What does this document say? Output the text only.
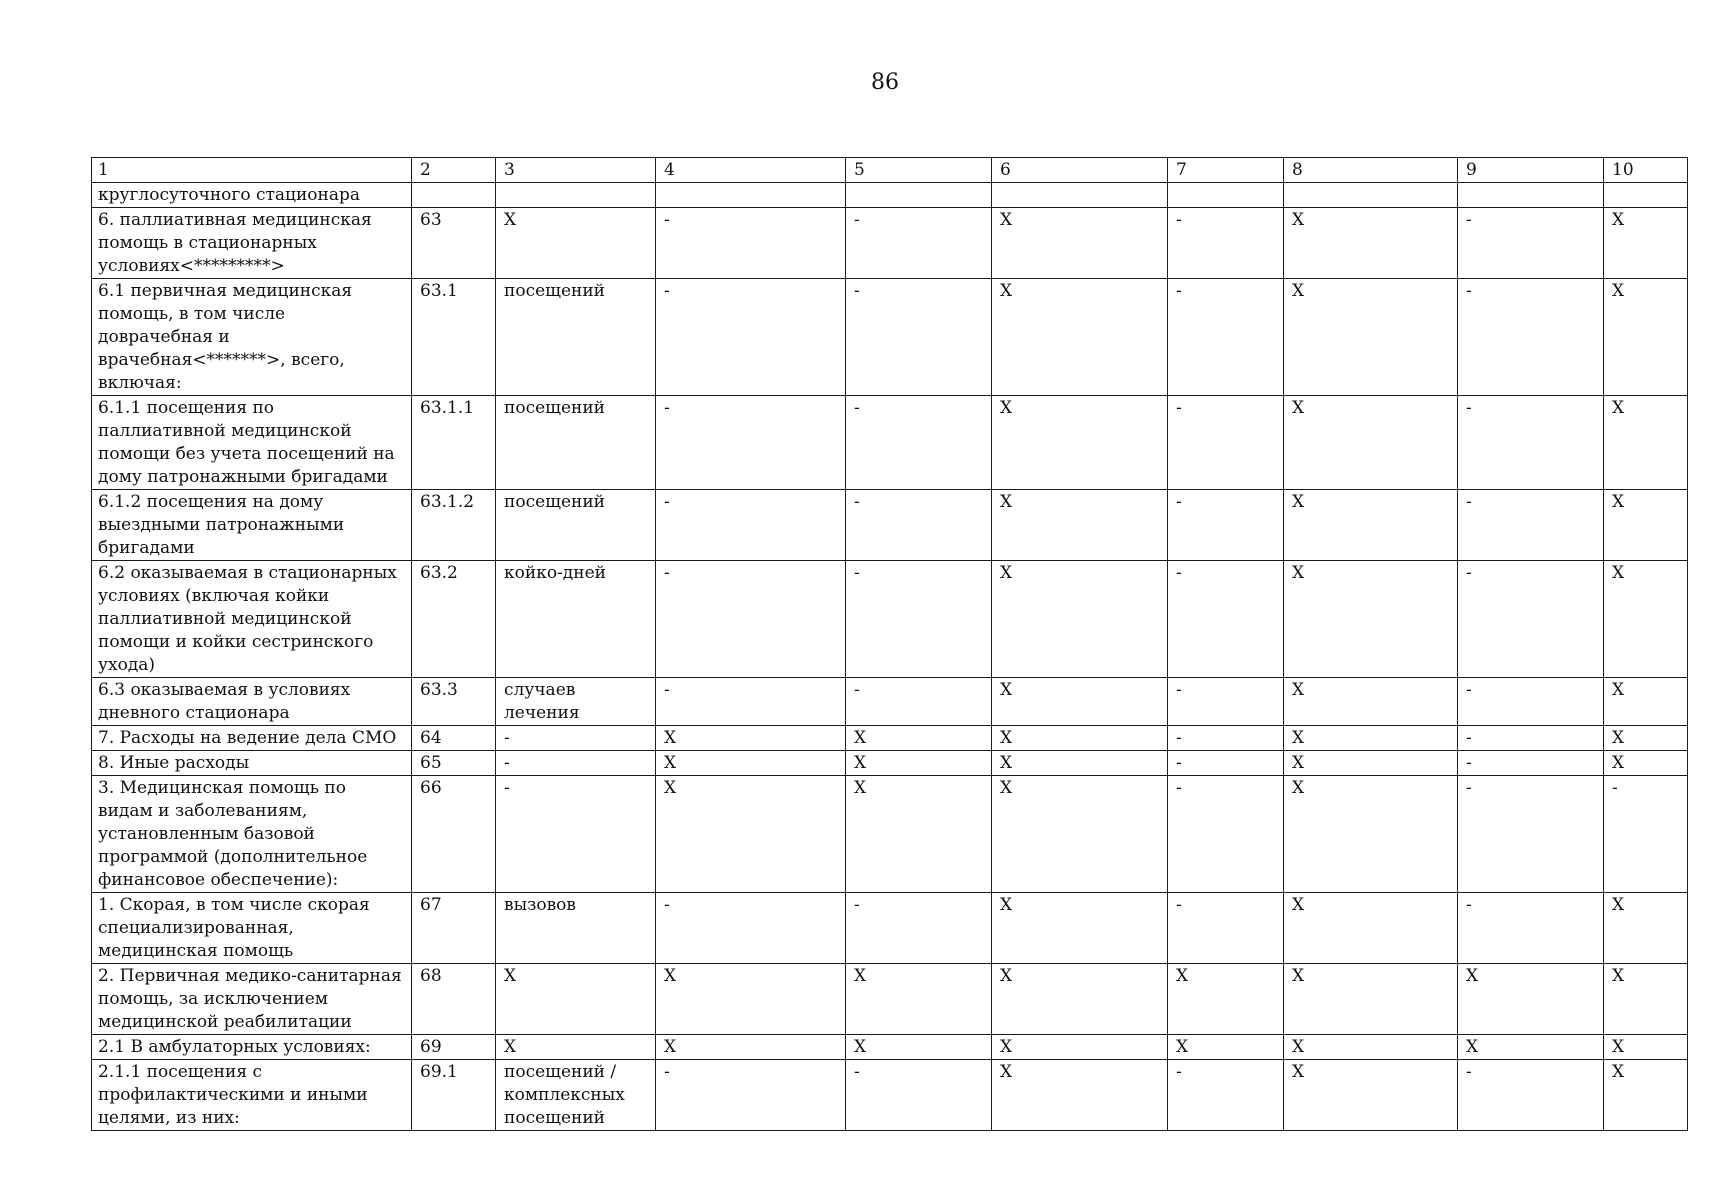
86
1	2	3	4	5	6	7	8	9	10
круглосуточного стационара									
6. паллиативная медицинская помощь в стационарных условиях<*********>	63	X	-	-	X	-	X	-	X
6.1 первичная медицинская помощь, в том числе доврачебная и врачебная<*******>, всего, включая:	63.1	посещений	-	-	X	-	X	-	X
6.1.1 посещения по паллиативной медицинской помощи без учета посещений на дому патронажными бригадами	63.1.1	посещений	-	-	X	-	X	-	X
6.1.2 посещения на дому выездными патронажными бригадами	63.1.2	посещений	-	-	X	-	X	-	X
6.2 оказываемая в стационарных условиях (включая койки паллиативной медицинской помощи и койки сестринского ухода)	63.2	койко-дней	-	-	X	-	X	-	X
6.3 оказываемая в условиях дневного стационара	63.3	случаев лечения	-	-	X	-	X	-	X
7. Расходы на ведение дела СМО	64	-	X	X	X	-	X	-	X
8. Иные расходы	65	-	X	X	X	-	X	-	X
3. Медицинская помощь по видам и заболеваниям, установленным базовой программой (дополнительное финансовое обеспечение):	66	-	X	X	X	-	X	-	-
1. Скорая, в том числе скорая специализированная, медицинская помощь	67	вызовов	-	-	X	-	X	-	X
2. Первичная медико-санитарная помощь, за исключением медицинской реабилитации	68	X	X	X	X	X	X	X	X
2.1 В амбулаторных условиях:	69	X	X	X	X	X	X	X	X
2.1.1 посещения с профилактическими и иными целями, из них:	69.1	посещений / комплексных посещений	-	-	X	-	X	-	X
